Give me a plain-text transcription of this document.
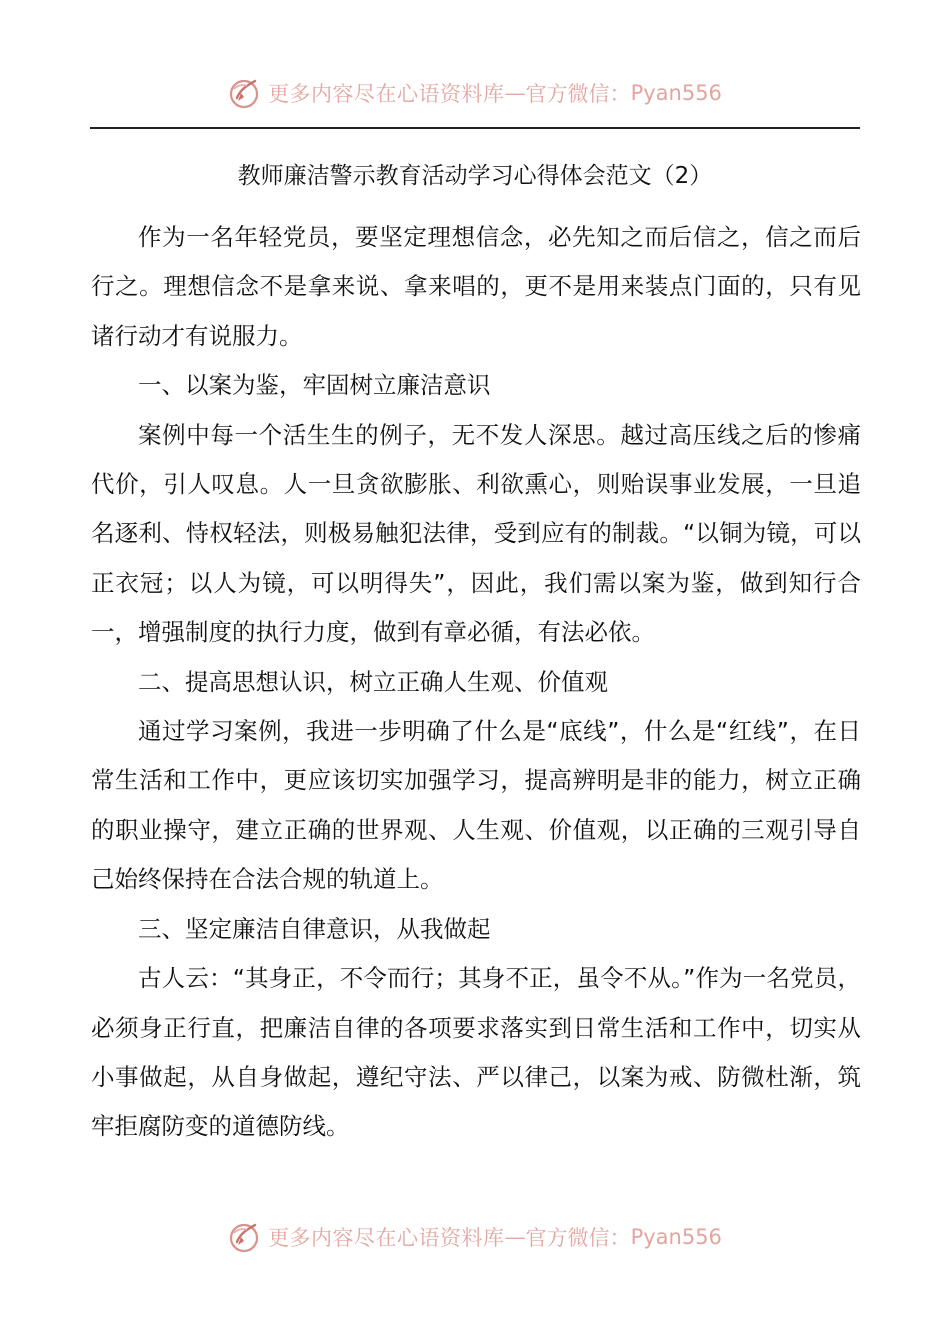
更多内容尽在心语资料库 — 官方微信： Pyan556
教师廉洁警示教育活动学习心得体会范文（2）

作为一名年轻党员，要坚定理想信念，必先知之而后信之，信之而后行之。理想信念不是拿来说、拿来唱的，更不是用来装点门面的，只有见诸行动才有说服力。

一、以案为鉴，牢固树立廉洁意识

案例中每一个活生生的例子，无不发人深思。越过高压线之后的惨痛代价，引人叹息。人一旦贪欲膨胀、利欲熏心，则贻误事业发展，一旦追名逐利、恃权轻法，则极易触犯法律，受到应有的制裁。“以铜为镜，可以正衣冠；以人为镜，可以明得失”，因此，我们需以案为鉴，做到知行合一，增强制度的执行力度，做到有章必循，有法必依。

二、提高思想认识，树立正确人生观、价值观

通过学习案例，我进一步明确了什么是“底线”，什么是“红线”，在日常生活和工作中，更应该切实加强学习，提高辨明是非的能力，树立正确的职业操守，建立正确的世界观、人生观、价值观，以正确的三观引导自己始终保持在合法合规的轨道上。

三、坚定廉洁自律意识，从我做起

古人云：“其身正，不令而行；其身不正，虽令不从。”作为一名党员，必须身正行直，把廉洁自律的各项要求落实到日常生活和工作中，切实从小事做起，从自身做起，遵纪守法、严以律己，以案为戒、防微杜渐，筑牢拒腐防变的道德防线。

更多内容尽在心语资料库 — 官方微信： Pyan556
